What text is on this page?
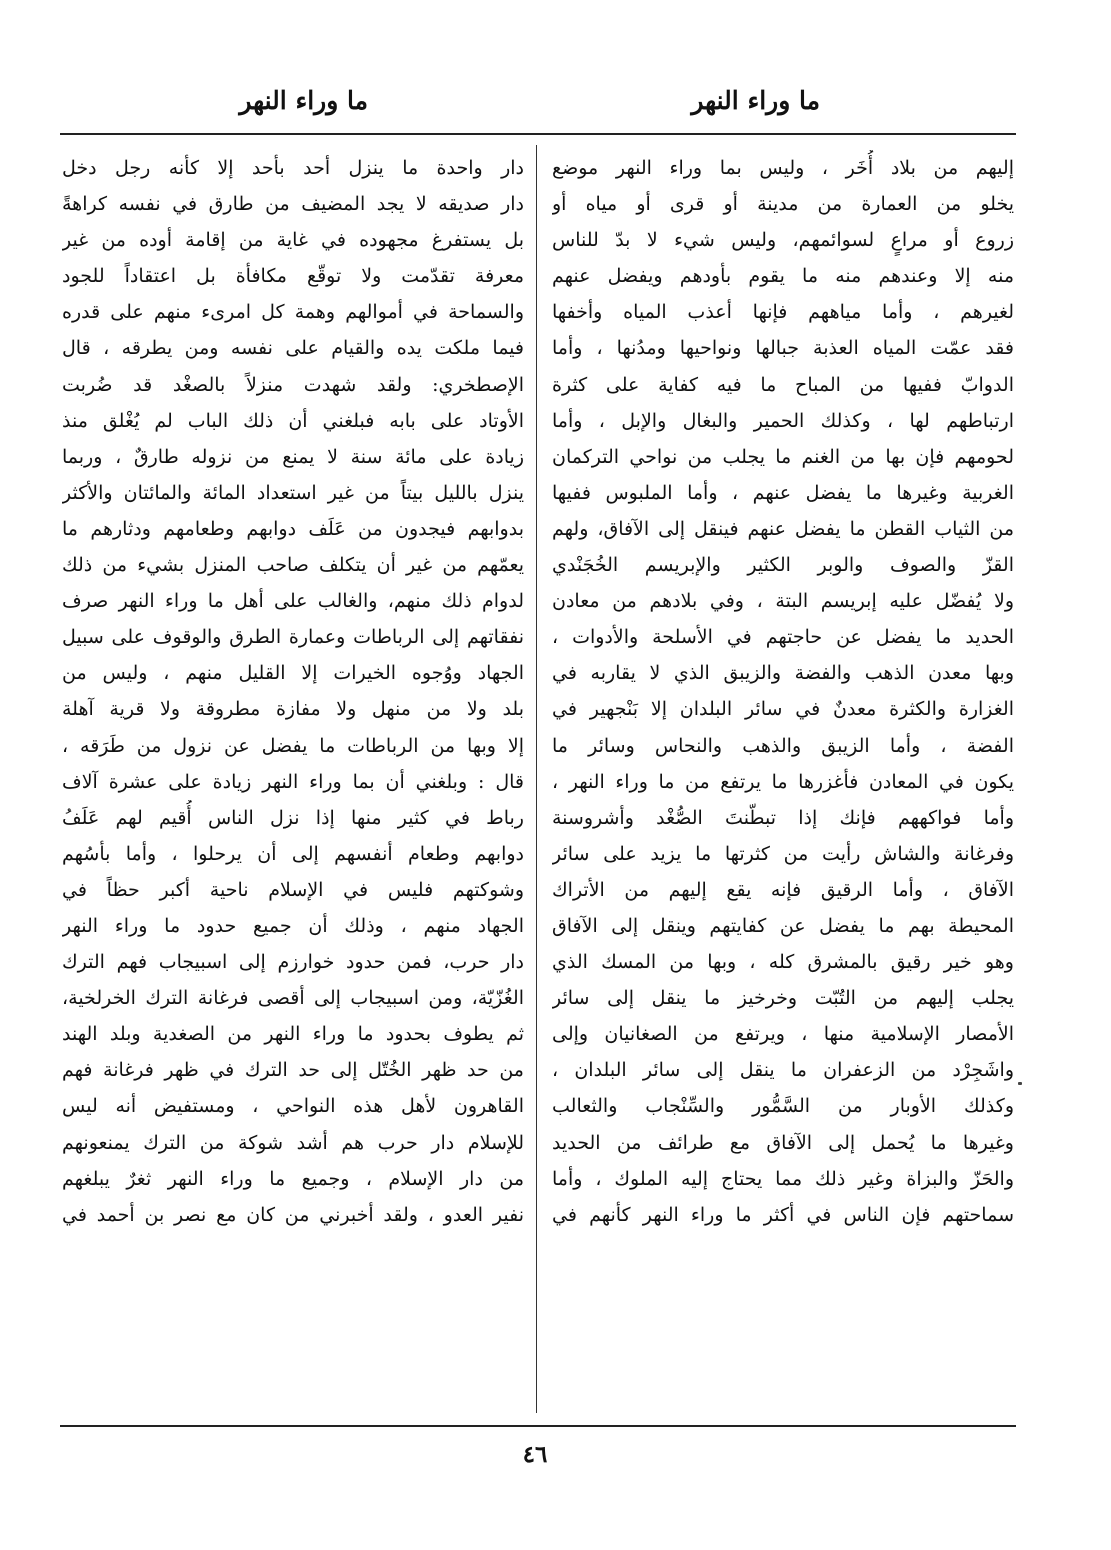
ما وراء النهر
ما وراء النهر
إليهم من بلاد أُخَر ، وليس بما وراء النهر موضع
يخلو من العمارة من مدينة أو قرى أو مياه أو
زروع أو مراعٍ لسوائمهم، وليس شيء لا بدّ للناس
منه إلا وعندهم منه ما يقوم بأودهم ويفضل عنهم
لغيرهم ، وأما مياههم فإنها أعذب المياه وأخفها
فقد عمّت المياه العذبة جبالها ونواحيها ومدُنها ، وأما
الدوابّ ففيها من المباح ما فيه كفاية على كثرة
ارتباطهم لها ، وكذلك الحمير والبغال والإبل ، وأما
لحومهم فإن بها من الغنم ما يجلب من نواحي التركمان
الغربية وغيرها ما يفضل عنهم ، وأما الملبوس ففيها
من الثياب القطن ما يفضل عنهم فينقل إلى الآفاق، ولهم
القزّ والصوف والوبر الكثير والإبريسم الخُجَنْدي
ولا يُفضّل عليه إبريسم البتة ، وفي بلادهم من معادن
الحديد ما يفضل عن حاجتهم في الأسلحة والأدوات ،
وبها معدن الذهب والفضة والزيبق الذي لا يقاربه في
الغزارة والكثرة معدنٌ في سائر البلدان إلا بَنْجهير في
الفضة ، وأما الزيبق والذهب والنحاس وسائر ما
يكون في المعادن فأغزرها ما يرتفع من ما وراء النهر ،
وأما فواكههم فإنك إذا تبطّنتَ الصُّغْد وأشروسنة
وفرغانة والشاش رأيت من كثرتها ما يزيد على سائر
الآفاق ، وأما الرقيق فإنه يقع إليهم من الأتراك
المحيطة بهم ما يفضل عن كفايتهم وينقل إلى الآفاق
وهو خير رقيق بالمشرق كله ، وبها من المسك الذي
يجلب إليهم من التُبّت وخرخيز ما ينقل إلى سائر
الأمصار الإسلامية منها ، ويرتفع من الصغانيان وإلى
واشَجِرْد من الزعفران ما ينقل إلى سائر البلدان ،
وكذلك الأوبار من السَّمُّور والسِّنْجاب والثعالب
وغيرها ما يُحمل إلى الآفاق مع طرائف من الحديد
والحَزّ والبزاة وغير ذلك مما يحتاج إليه الملوك ، وأما
سماحتهم فإن الناس في أكثر ما وراء النهر كأنهم في
دار واحدة ما ينزل أحد بأحد إلا كأنه رجل دخل
دار صديقه لا يجد المضيف من طارق في نفسه كراهةً
بل يستفرغ مجهوده في غاية من إقامة أوده من غير
معرفة تقدّمت ولا توقّع مكافأة بل اعتقاداً للجود
والسماحة في أموالهم وهمة كل امرىء منهم على قدره
فيما ملكت يده والقيام على نفسه ومن يطرقه ، قال
الإصطخري: ولقد شهدت منزلاً بالصغْد قد ضُربت
الأوتاد على بابه فبلغني أن ذلك الباب لم يُغْلق منذ
زيادة على مائة سنة لا يمنع من نزوله طارقٌ ، وربما
ينزل بالليل بيتاً من غير استعداد المائة والمائتان والأكثر
بدوابهم فيجدون من عَلَف دوابهم وطعامهم ودثارهم ما
يعمّهم من غير أن يتكلف صاحب المنزل بشيء من ذلك
لدوام ذلك منهم، والغالب على أهل ما وراء النهر صرف
نفقاتهم إلى الرباطات وعمارة الطرق والوقوف على سبيل
الجهاد ووُجوه الخيرات إلا القليل منهم ، وليس من
بلد ولا من منهل ولا مفازة مطروقة ولا قرية آهلة
إلا وبها من الرباطات ما يفضل عن نزول من طَرَقه ،
قال : وبلغني أن بما وراء النهر زيادة على عشرة آلاف
رباط في كثير منها إذا نزل الناس أُقيم لهم عَلَفُ
دوابهم وطعام أنفسهم إلى أن يرحلوا ، وأما بأسُهم
وشوكتهم فليس في الإسلام ناحية أكبر حظاً في
الجهاد منهم ، وذلك أن جميع حدود ما وراء النهر
دار حرب، فمن حدود خوارزم إلى اسبيجاب فهم الترك
الغُزّيّة، ومن اسبيجاب إلى أقصى فرغانة الترك الخرلخية،
ثم يطوف بحدود ما وراء النهر من الصغدية وبلد الهند
من حد ظهر الخُتّل إلى حد الترك في ظهر فرغانة فهم
القاهرون لأهل هذه النواحي ، ومستفيض أنه ليس
للإسلام دار حرب هم أشد شوكة من الترك يمنعونهم
من دار الإسلام ، وجميع ما وراء النهر ثغرٌ يبلغهم
نفير العدو ، ولقد أخبرني من كان مع نصر بن أحمد في
٤٦
